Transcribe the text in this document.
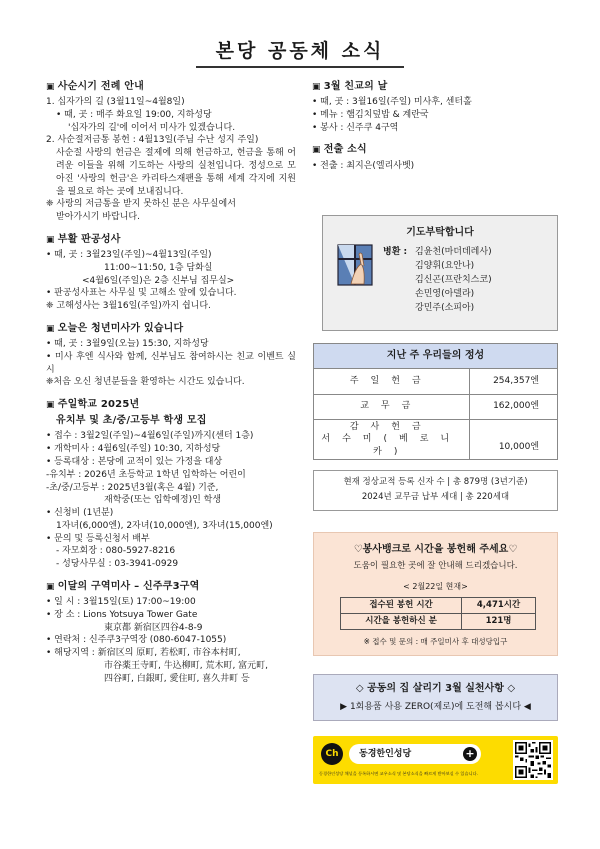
본당 공동체 소식
▣ 사순시기 전례 안내
1. 십자가의 길 (3월11일~4월8일)
• 때, 곳 : 매주 화요일 19:00, 지하성당
'십자가의 길'에 이어서 미사가 있겠습니다.
2. 사순절저금통 봉헌 : 4월13일(주님 수난 성지 주일)
사순절 사랑의 헌금은 절제에 의해 헌금하고, 헌금을 통해 어려운 이들을 위해 기도하는 사랑의 실천입니다. 정성으로 모아진 '사랑의 헌금'은 카리타스재팬을 통해 세계 각지에 지원을 필요로 하는 곳에 보내집니다.
❈ 사랑의 저금통을 받지 못하신 분은 사무실에서
받아가시기 바랍니다.
▣ 부활 판공성사
• 때, 곳 : 3월23일(주일)~4월13일(주일)
11:00~11:50, 1층 담화실
<4월6일(주일)은 2층 신부님 집무실>
• 판공성사표는 사무실 및 고해소 앞에 있습니다.
❈ 고해성사는 3월16일(주일)까지 쉽니다.
▣ 오늘은 청년미사가 있습니다
• 때, 곳 : 3월9일(오늘) 15:30, 지하성당
• 미사 후엔 식사와 함께, 신부님도 참여하시는 친교 이벤트 실시
❈처음 오신 청년분들을 환영하는 시간도 있습니다.
▣ 주일학교 2025년
유치부 및 초/중/고등부 학생 모집
• 접수 : 3월2일(주일)~4월6일(주일)까지(센터 1층)
• 개학미사 : 4월6일(주일) 10:30, 지하성당
• 등록대상 : 본당에 교적이 있는 가정을 대상
-유치부 : 2026년 초등학교 1학년 입학하는 어린이
-초/중/고등부 : 2025년3월(혹은 4월) 기준,
재학중(또는 입학예정)인 학생
• 신청비 (1년분)
1자녀(6,000엔), 2자녀(10,000엔), 3자녀(15,000엔)
• 문의 및 등록신청서 배부
- 자모회장 : 080-5927-8216
- 성당사무실 : 03-3941-0929
▣ 이달의 구역미사 – 신주쿠3구역
• 일 시 : 3월15일(토) 17:00~19:00
• 장 소 : Lions Yotsuya Tower Gate
東京都 新宿区四谷4-8-9
• 연락처 : 신주쿠3구역장 (080-6047-1055)
• 해당지역 : 新宿区의 原町, 若松町, 市谷本村町,
市谷薬王寺町, 牛込柳町, 荒木町, 富元町,
四谷町, 白銀町, 愛住町, 喜久井町 등
▣ 3월 친교의 날
• 때, 곳 : 3월16일(주일) 미사후, 센터홀
• 메뉴 : 햄김치덮밥 & 계란국
• 봉사 : 신주쿠 4구역
▣ 전출 소식
• 전출 : 최지은(엘리사벳)
기도부탁합니다
병환 : 김윤천(마더데레사)
김양휘(요안나)
김신곤(프란치스코)
손민영(아델라)
강민주(소피아)
지난 주 우리들의 정성
주일헌금	254,357엔
교무금	162,000엔

감사헌금
서수미(베로니카)	10,000엔
현재 정상교적 등록 신자 수 | 총 879명 (3년기준)
2024년 교무금 납부 세대 | 총 220세대
♡봉사뱅크로 시간을 봉헌해 주세요♡
도움이 필요한 곳에 잘 안내해 드리겠습니다.
< 2월22일 현재>
접수된 봉헌 시간	4,471시간
시간을 봉헌하신 분	121명
※ 접수 및 문의 : 매 주일미사 후 대성당입구
◇ 공동의 집 살리기 3월 실천사항 ◇
▶ 1회용품 사용 ZERO(제로)에 도전해 봅시다 ◀
Ch	동경한인성당	+
동경한인성당 채널을 등록하시면 교우소식 및 본당소식을 빠르게 받아보실 수 있습니다.
